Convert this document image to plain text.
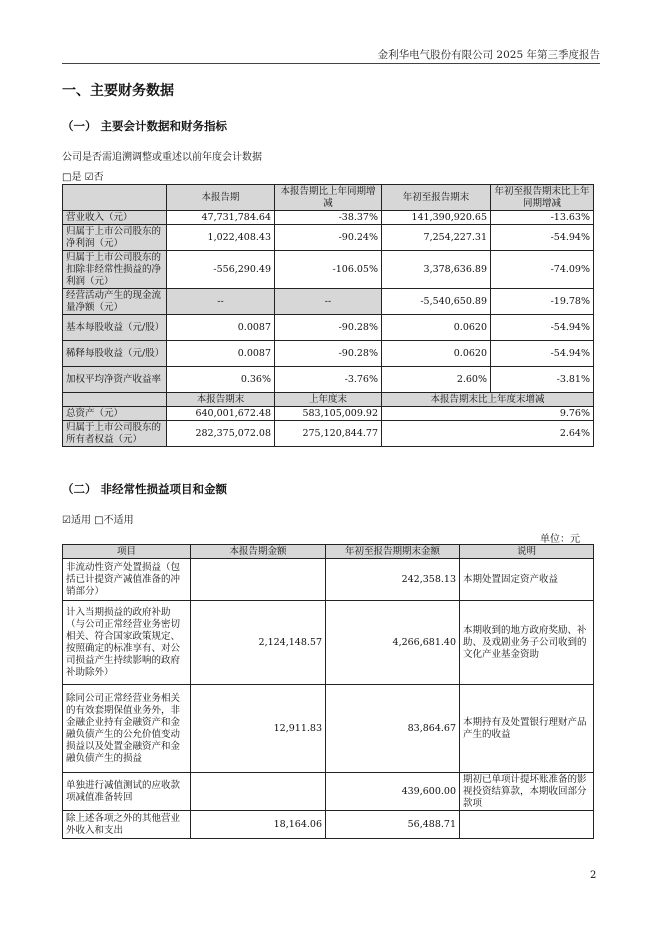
金利华电气股份有限公司 2025 年第三季度报告
一、主要财务数据
（一） 主要会计数据和财务指标
公司是否需追溯调整或重述以前年度会计数据
□是 ☑否
	本报告期	本报告期比上年同期增减	年初至报告期末	年初至报告期末比上年同期增减
营业收入（元）	47,731,784.64	-38.37%	141,390,920.65	-13.63%
归属于上市公司股东的净利润（元）	1,022,408.43	-90.24%	7,254,227.31	-54.94%
归属于上市公司股东的扣除非经常性损益的净利润（元）	-556,290.49	-106.05%	3,378,636.89	-74.09%
经营活动产生的现金流量净额（元）	--	--	-5,540,650.89	-19.78%
基本每股收益（元/股）	0.0087	-90.28%	0.0620	-54.94%
稀释每股收益（元/股）	0.0087	-90.28%	0.0620	-54.94%
加权平均净资产收益率	0.36%	-3.76%	2.60%	-3.81%
	本报告期末	上年度末	本报告期末比上年度末增减	
总资产（元）	640,001,672.48	583,105,009.92	9.76%	
归属于上市公司股东的所有者权益（元）	282,375,072.08	275,120,844.77	2.64%	
（二） 非经常性损益项目和金额
☑适用 □不适用
单位：元
项目	本报告期金额	年初至报告期期末金额	说明
非流动性资产处置损益（包括已计提资产减值准备的冲销部分）		242,358.13	本期处置固定资产收益
计入当期损益的政府补助（与公司正常经营业务密切相关、符合国家政策规定、按照确定的标准享有、对公司损益产生持续影响的政府补助除外）	2,124,148.57	4,266,681.40	本期收到的地方政府奖励、补助、及戏剧业务子公司收到的文化产业基金资助
除同公司正常经营业务相关的有效套期保值业务外，非金融企业持有金融资产和金融负债产生的公允价值变动损益以及处置金融资产和金融负债产生的损益	12,911.83	83,864.67	本期持有及处置银行理财产品产生的收益
单独进行减值测试的应收款项减值准备转回		439,600.00	期初已单项计提坏账准备的影视投资结算款，本期收回部分款项
除上述各项之外的其他营业外收入和支出	18,164.06	56,488.71	
2
